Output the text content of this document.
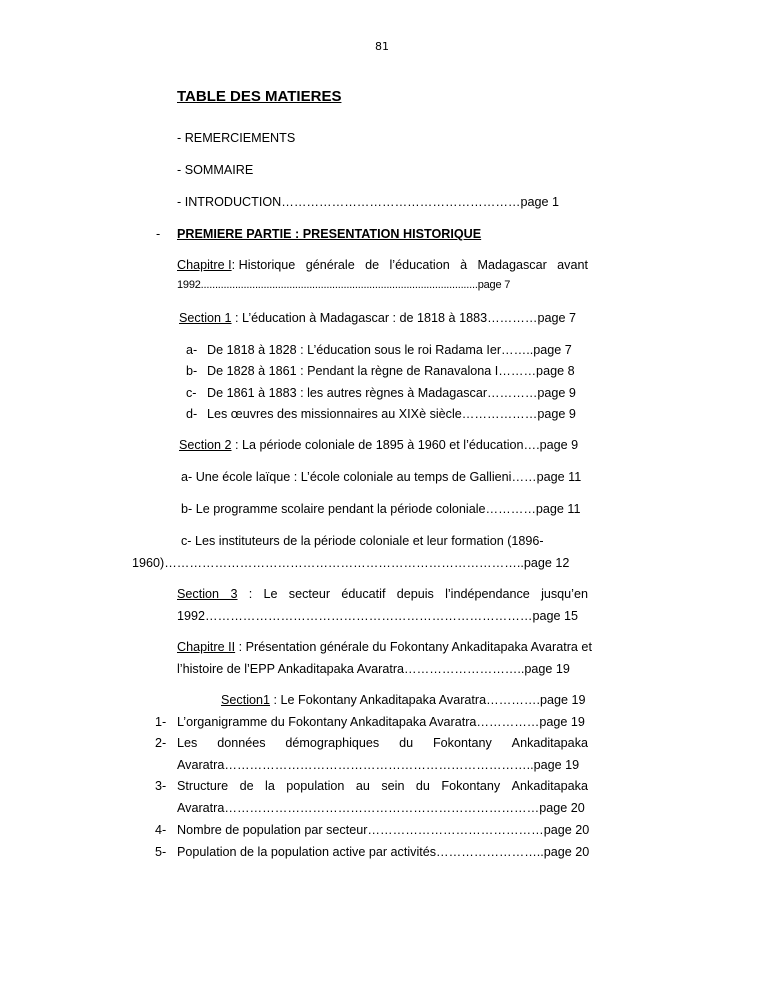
81
TABLE DES MATIERES
- REMERCIEMENTS
- SOMMAIRE
- INTRODUCTION…………………………………………………page 1
- PREMIERE PARTIE : PRESENTATION HISTORIQUE
Chapitre I: Historique générale de l’éducation à Madagascar avant
1992.................................................................................................page 7
Section 1 : L’éducation à Madagascar : de 1818 à 1883…………page 7
a- De 1818 à 1828 : L’éducation sous le roi Radama Ier……..page 7
b- De 1828 à 1861 : Pendant la règne de Ranavalona I………page 8
c- De 1861 à 1883 : les autres règnes à Madagascar…………page 9
d- Les œuvres des missionnaires au XIXè siècle………………page 9
Section 2 : La période coloniale de 1895 à 1960 et l’éducation….page 9
a- Une école laïque : L’école coloniale au temps de Gallieni……page 11
b- Le programme scolaire pendant la période coloniale…………page 11
c- Les instituteurs de la période coloniale et leur formation (1896-
1960)…………………………………………………………………………..page 12
Section 3 : Le secteur éducatif depuis l’indépendance jusqu’en
1992……………………………………………………………………page 15
Chapitre II : Présentation générale du Fokontany Ankaditapaka Avaratra et
l’histoire de l’EPP Ankaditapaka Avaratra………………………..page 19
Section1 : Le Fokontany Ankaditapaka Avaratra………….page 19
1- L’organigramme du Fokontany Ankaditapaka Avaratra……………page 19
2- Les données démographiques du Fokontany Ankaditapaka
Avaratra………………………………………………………………..page 19
3- Structure de la population au sein du Fokontany Ankaditapaka
Avaratra…………………………………………………………………page 20
4- Nombre de population par secteur……………………………………page 20
5- Population de la population active par activités……………………..page 20
